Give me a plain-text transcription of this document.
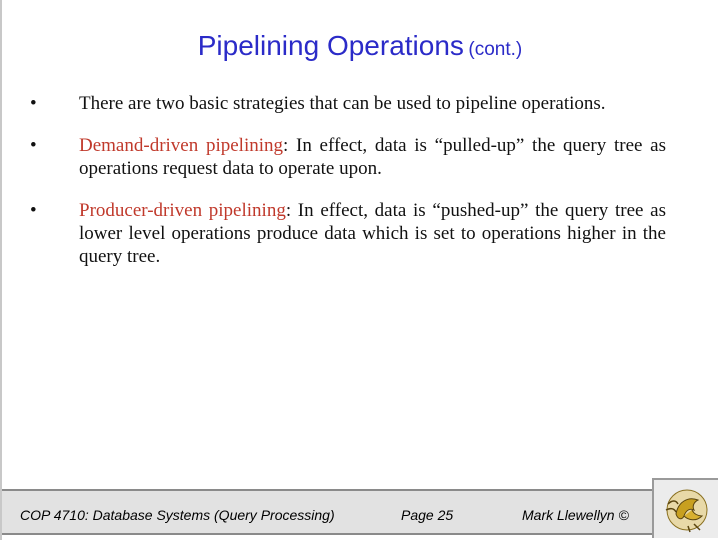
Pipelining Operations (cont.)
•	There are two basic strategies that can be used to pipeline operations.
•	Demand-driven pipelining: In effect, data is “pulled-up” the query tree as operations request data to operate upon.
•	Producer-driven pipelining: In effect, data is “pushed-up” the query tree as lower level operations produce data which is set to operations higher in the query tree.
COP 4710: Database Systems (Query Processing)	Page 25	Mark Llewellyn ©
